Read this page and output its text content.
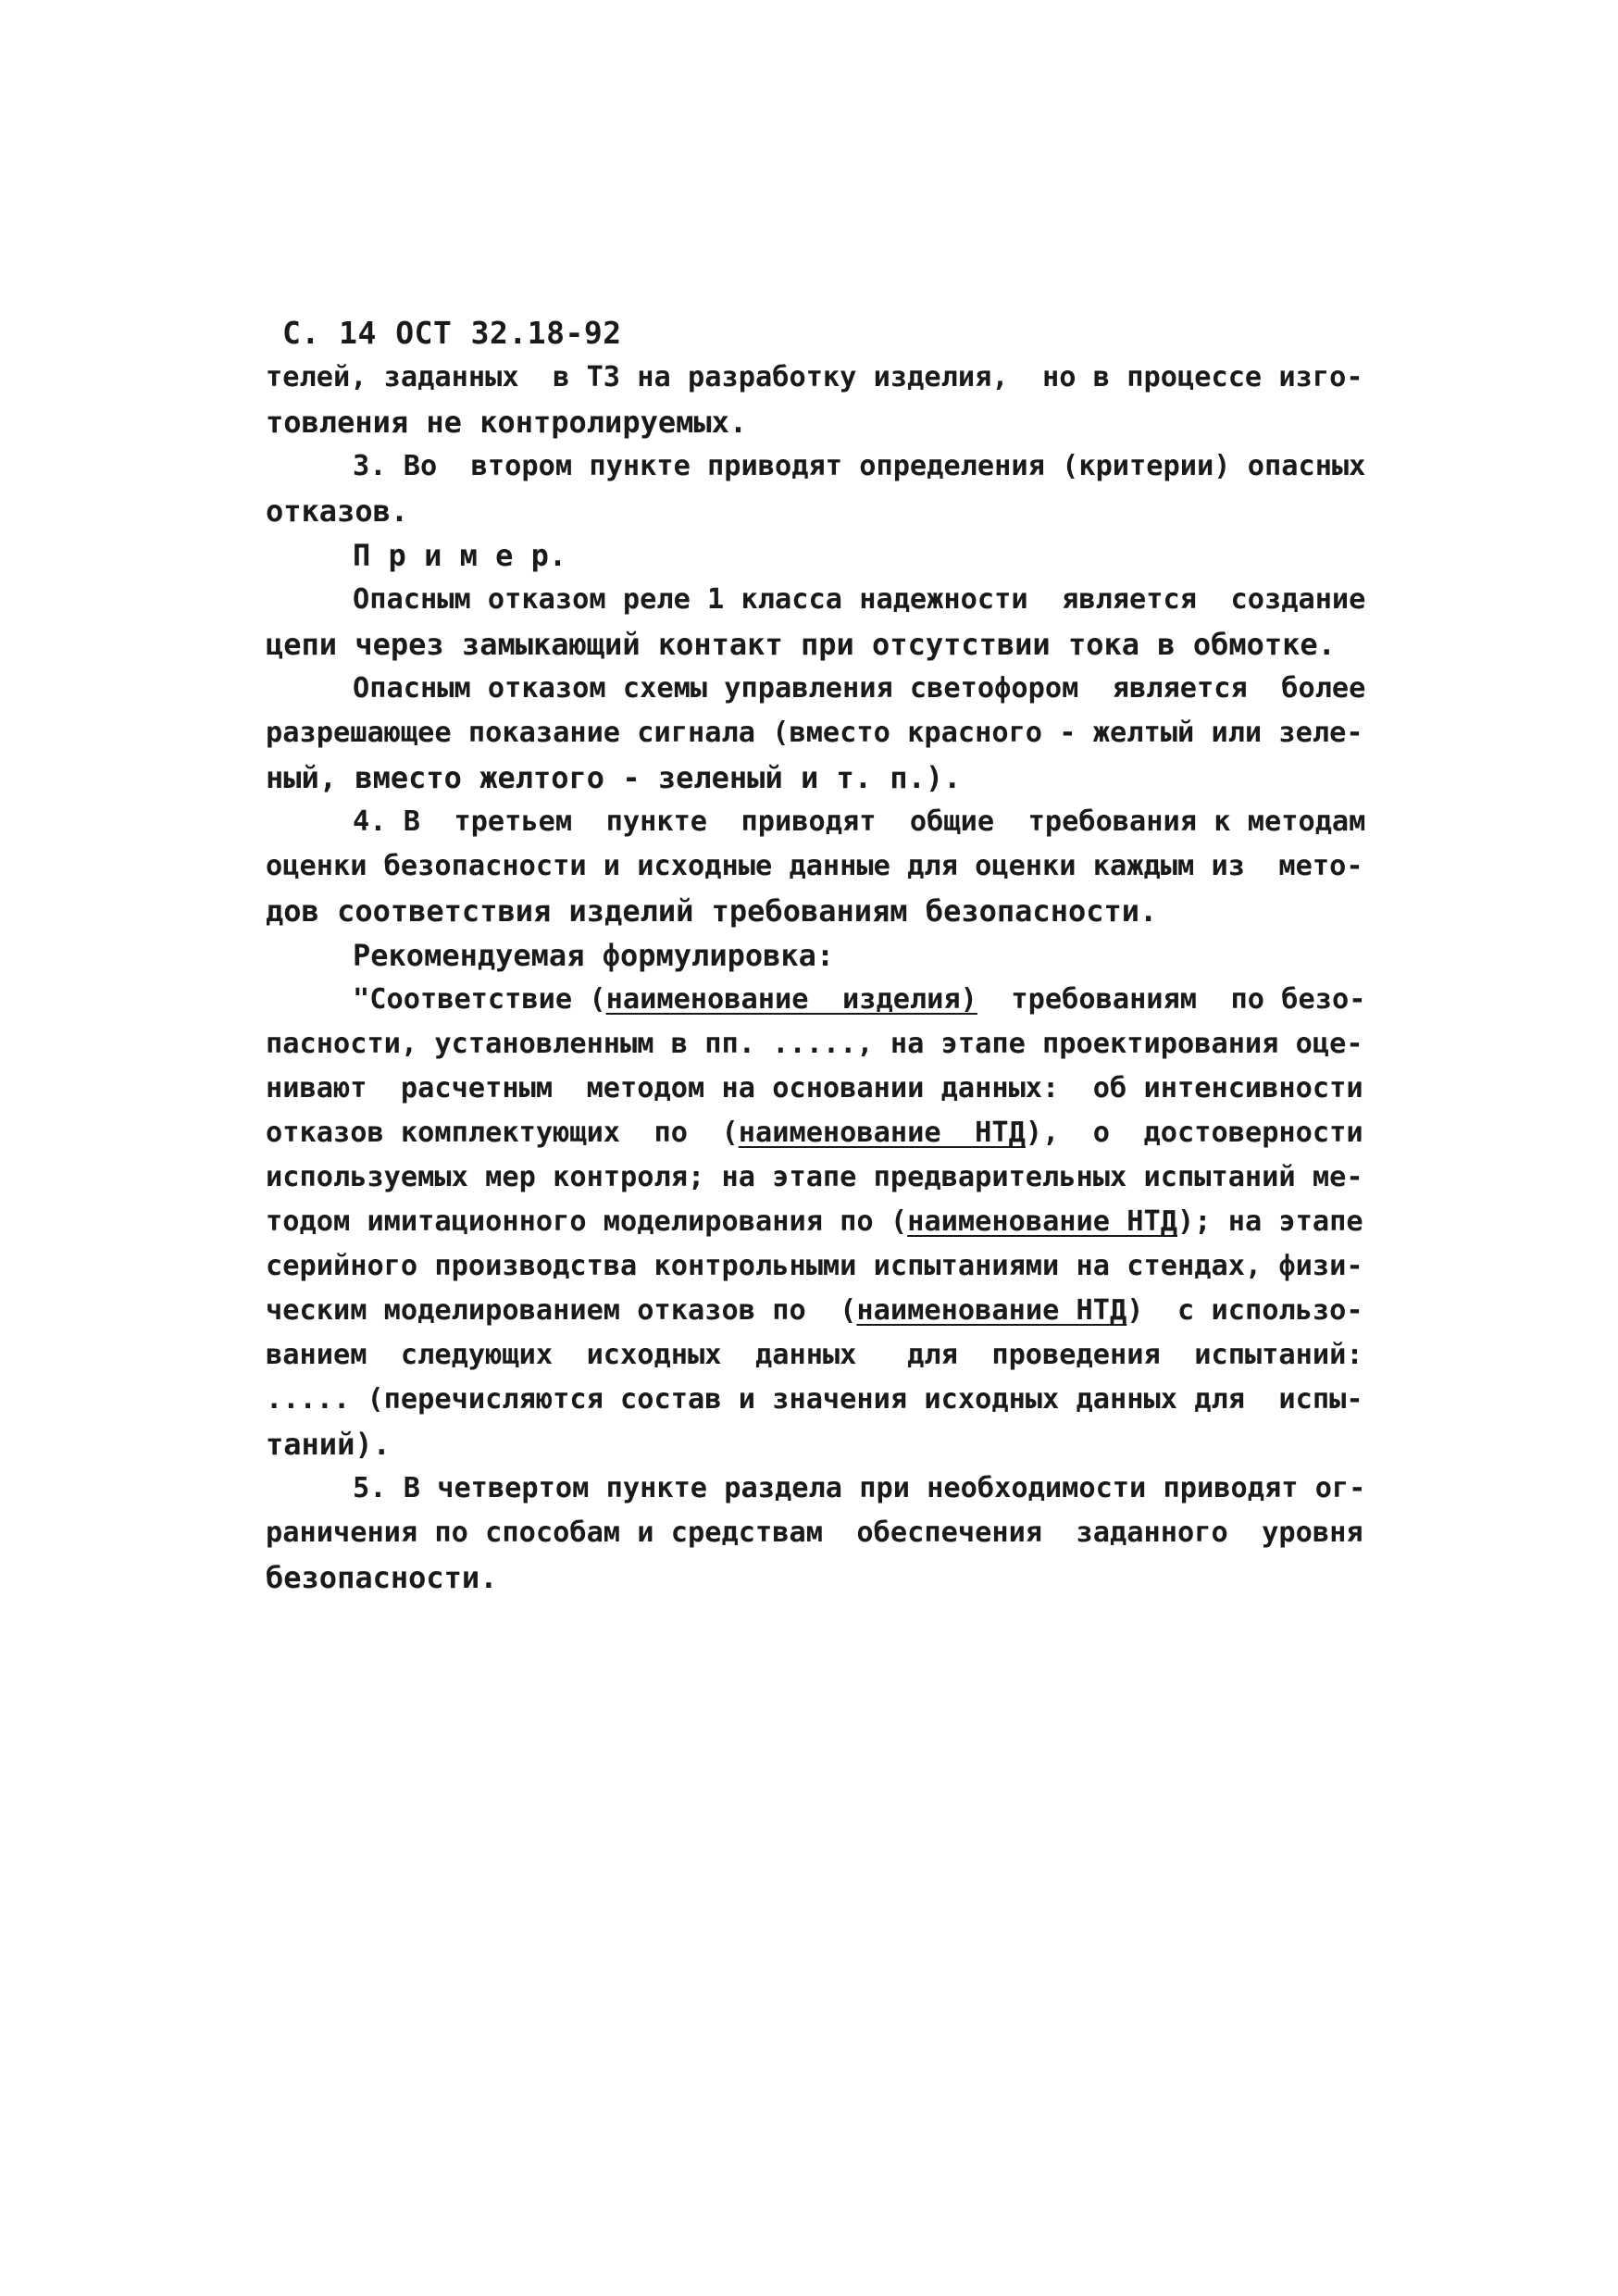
С. 14 ОСТ 32.18-92
телей, заданных  в ТЗ на разработку изделия,  но в процессе изго-
товления не контролируемых.
3. Во  втором пункте приводят определения (критерии) опасных
отказов.
П р и м е р.
Опасным отказом реле 1 класса надежности  является  создание
цепи через замыкающий контакт при отсутствии тока в обмотке.
Опасным отказом схемы управления светофором  является  более
разрешающее показание сигнала (вместо красного - желтый или зеле-
ный, вместо желтого - зеленый и т. п.).
4. В  третьем  пункте  приводят  общие  требования к методам
оценки безопасности и исходные данные для оценки каждым из  мето-
дов соответствия изделий требованиям безопасности.
Рекомендуемая формулировка:
"Соответствие (наименование  изделия)  требованиям  по безо-
пасности, установленным в пп. ....., на этапе проектирования оце-
нивают  расчетным  методом на основании данных:  об интенсивности
отказов комплектующих  по  (наименование  НТД),  о  достоверности
используемых мер контроля; на этапе предварительных испытаний ме-
тодом имитационного моделирования по (наименование НТД); на этапе
серийного производства контрольными испытаниями на стендах, физи-
ческим моделированием отказов по  (наименование НТД)  с использо-
ванием  следующих  исходных  данных   для  проведения  испытаний:
..... (перечисляются состав и значения исходных данных для  испы-
таний).
5. В четвертом пункте раздела при необходимости приводят ог-
раничения по способам и средствам  обеспечения  заданного  уровня
безопасности.
